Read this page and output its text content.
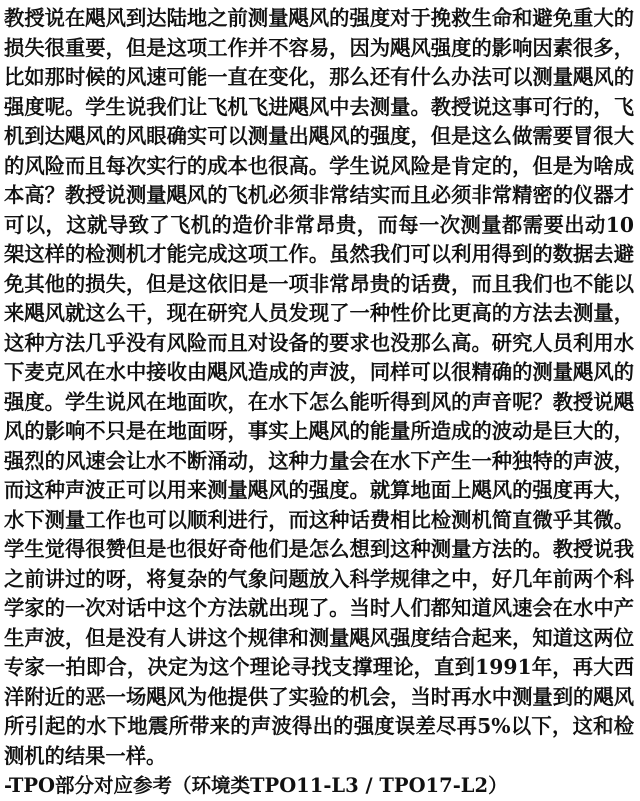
教授说在飓风到达陆地之前测量飓风的强度对于挽救生命和避免重大的损失很重要，但是这项工作并不容易，因为飓风强度的影响因素很多，比如那时候的风速可能一直在变化，那么还有什么办法可以测量飓风的强度呢。学生说我们让飞机飞进飓风中去测量。教授说这事可行的，飞机到达飓风的风眼确实可以测量出飓风的强度，但是这么做需要冒很大的风险而且每次实行的成本也很高。学生说风险是肯定的，但是为啥成本高？教授说测量飓风的飞机必须非常结实而且必须非常精密的仪器才可以，这就导致了飞机的造价非常昂贵，而每一次测量都需要出动10架这样的检测机才能完成这项工作。虽然我们可以利用得到的数据去避免其他的损失，但是这依旧是一项非常昂贵的话费，而且我们也不能以来飓风就这么干，现在研究人员发现了一种性价比更高的方法去测量，这种方法几乎没有风险而且对设备的要求也没那么高。研究人员利用水下麦克风在水中接收由飓风造成的声波，同样可以很精确的测量飓风的强度。学生说风在地面吹，在水下怎么能听得到风的声音呢？教授说飓风的影响不只是在地面呀，事实上飓风的能量所造成的波动是巨大的，强烈的风速会让水不断涌动，这种力量会在水下产生一种独特的声波，而这种声波正可以用来测量飓风的强度。就算地面上飓风的强度再大，水下测量工作也可以顺利进行，而这种话费相比检测机简直微乎其微。学生觉得很赞但是也很好奇他们是怎么想到这种测量方法的。教授说我之前讲过的呀，将复杂的气象问题放入科学规律之中，好几年前两个科学家的一次对话中这个方法就出现了。当时人们都知道风速会在水中产生声波，但是没有人讲这个规律和测量飓风强度结合起来，知道这两位专家一拍即合，决定为这个理论寻找支撑理论，直到1991年，再大西洋附近的恶一场飓风为他提供了实验的机会，当时再水中测量到的飓风所引起的水下地震所带来的声波得出的强度误差尽再5%以下，这和检测机的结果一样。

-TPO部分对应参考（环境类TPO11-L3 / TPO17-L2）
